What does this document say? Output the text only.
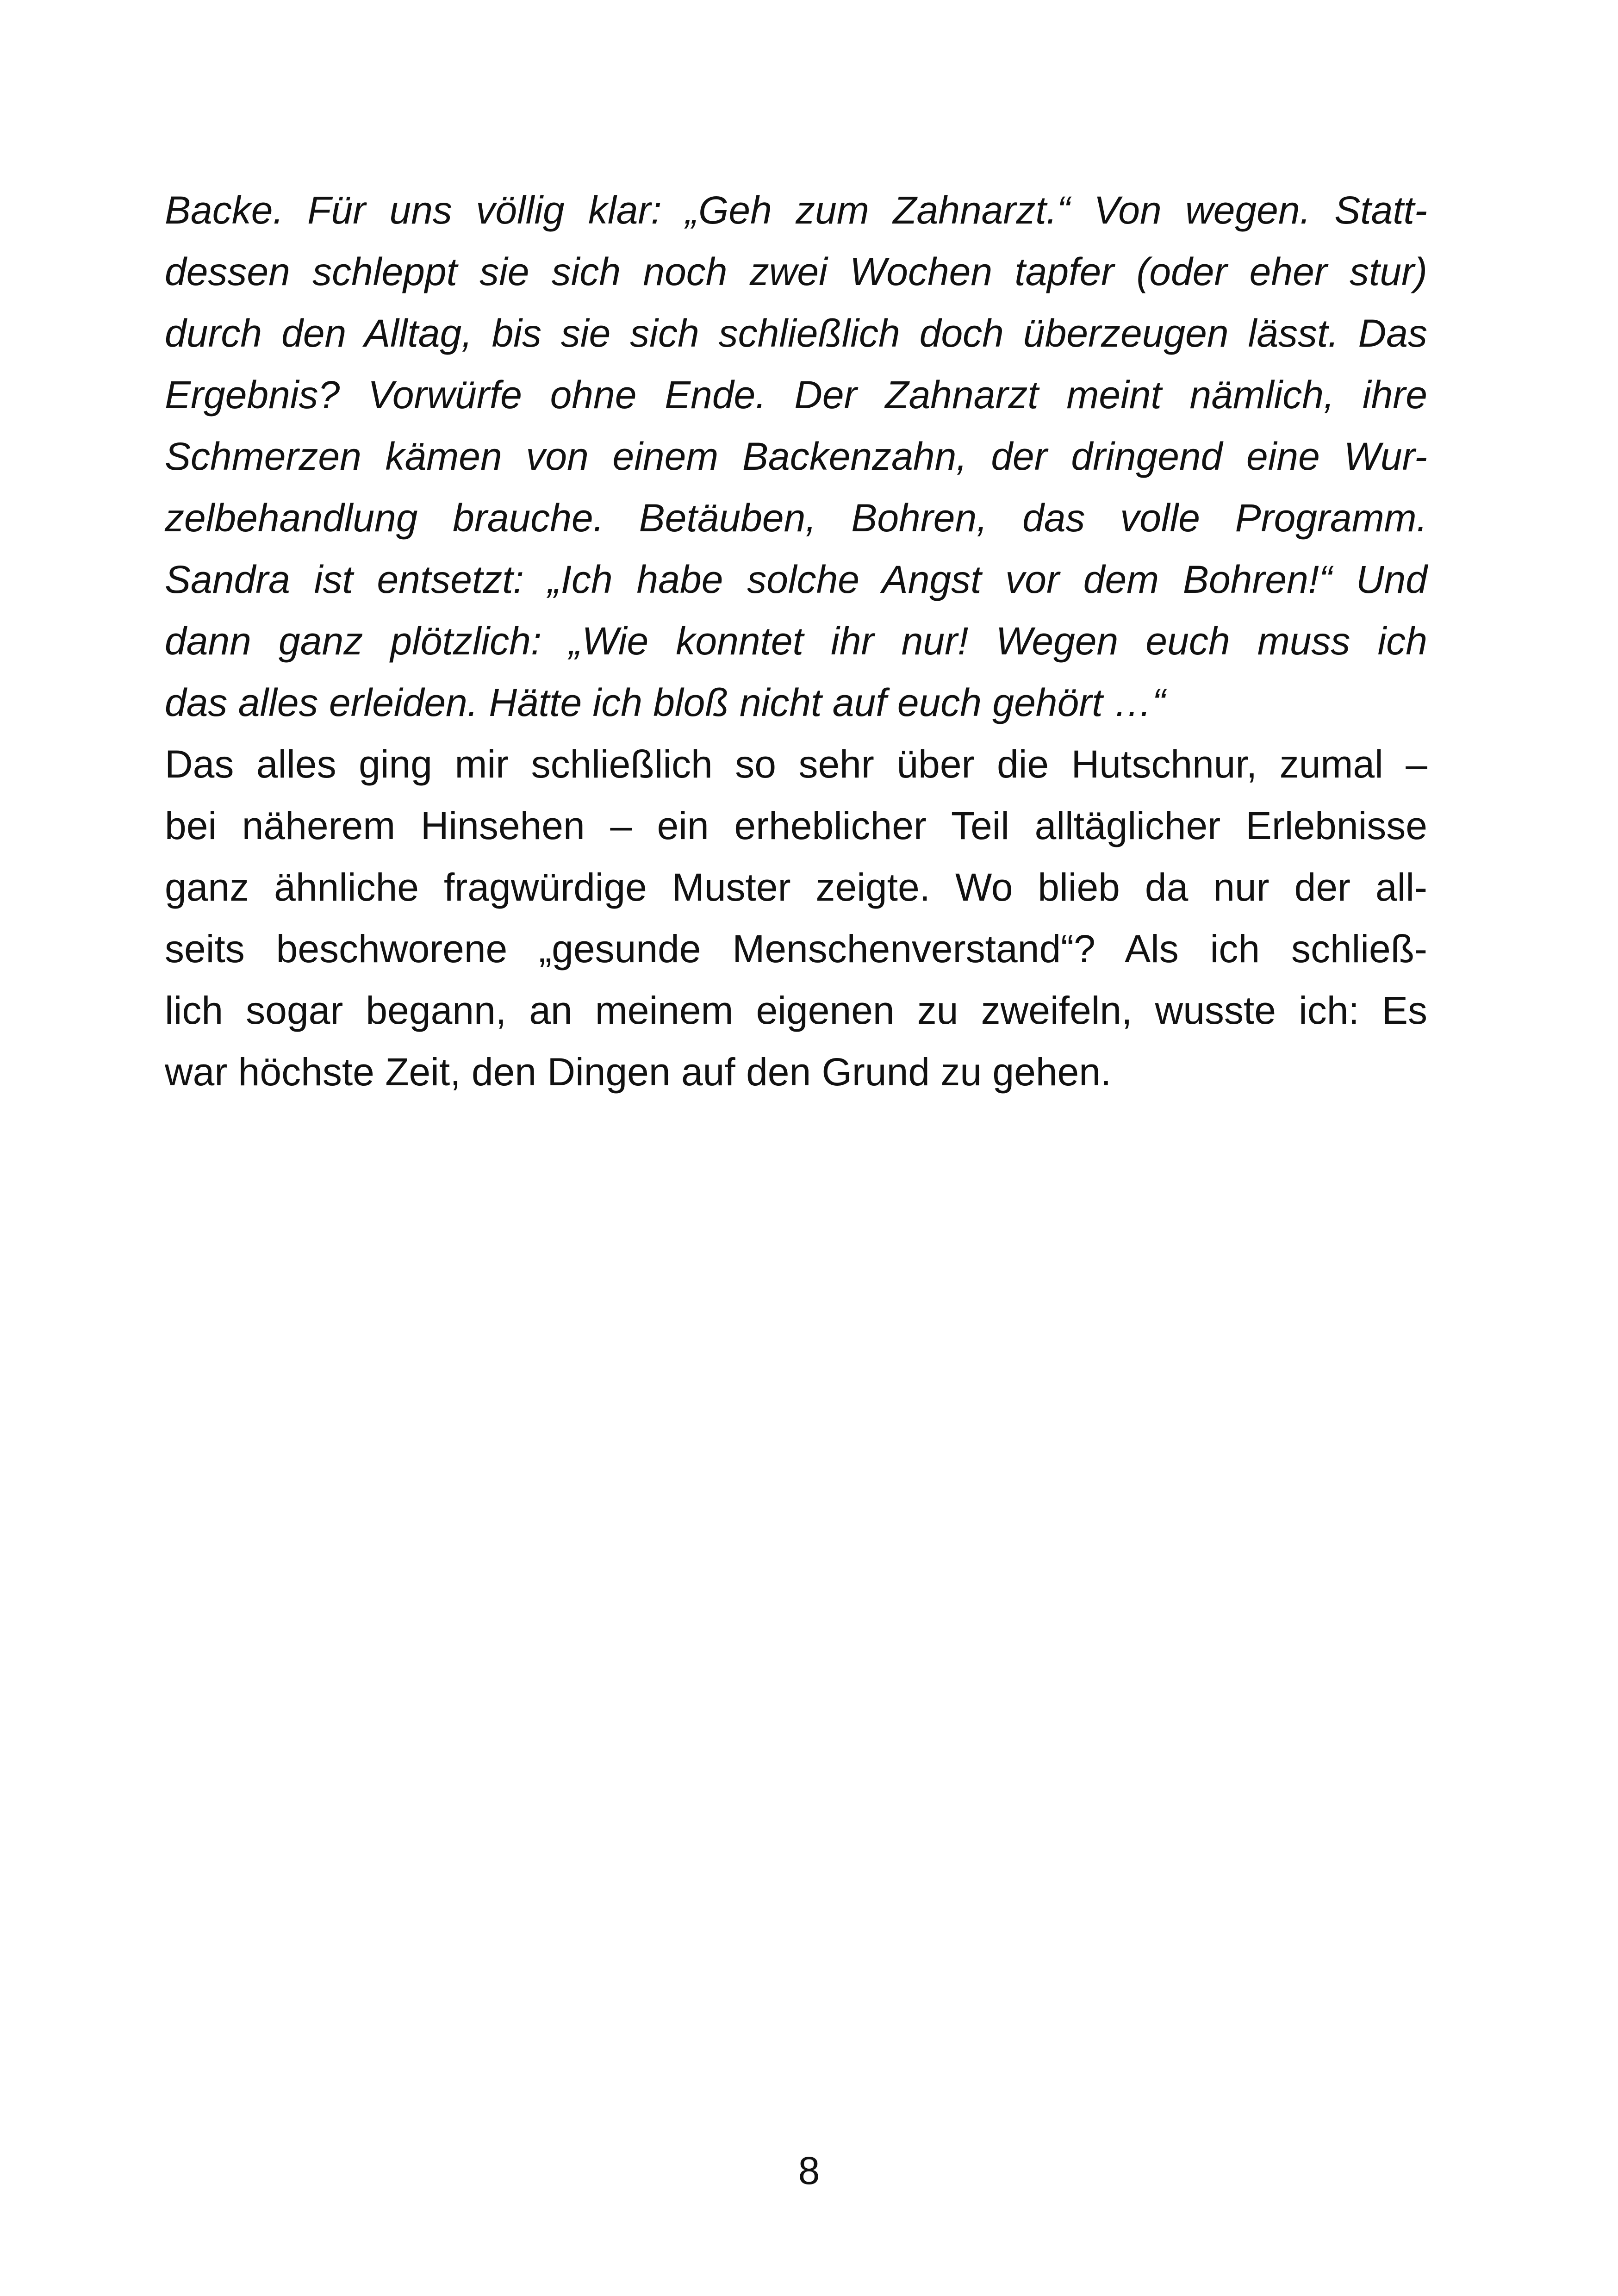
Backe. Für uns völlig klar: „Geh zum Zahnarzt.“ Von wegen. Statt-
dessen schleppt sie sich noch zwei Wochen tapfer (oder eher stur)
durch den Alltag, bis sie sich schließlich doch überzeugen lässt. Das
Ergebnis? Vorwürfe ohne Ende. Der Zahnarzt meint nämlich, ihre
Schmerzen kämen von einem Backenzahn, der dringend eine Wur-
zelbehandlung brauche. Betäuben, Bohren, das volle Programm.
Sandra ist entsetzt: „Ich habe solche Angst vor dem Bohren!“ Und
dann ganz plötzlich: „Wie konntet ihr nur! Wegen euch muss ich
das alles erleiden. Hätte ich bloß nicht auf euch gehört …“
Das alles ging mir schließlich so sehr über die Hutschnur, zumal –
bei näherem Hinsehen – ein erheblicher Teil alltäglicher Erlebnisse
ganz ähnliche fragwürdige Muster zeigte. Wo blieb da nur der all-
seits beschworene „gesunde Menschenverstand“? Als ich schließ-
lich sogar begann, an meinem eigenen zu zweifeln, wusste ich: Es
war höchste Zeit, den Dingen auf den Grund zu gehen.
8
